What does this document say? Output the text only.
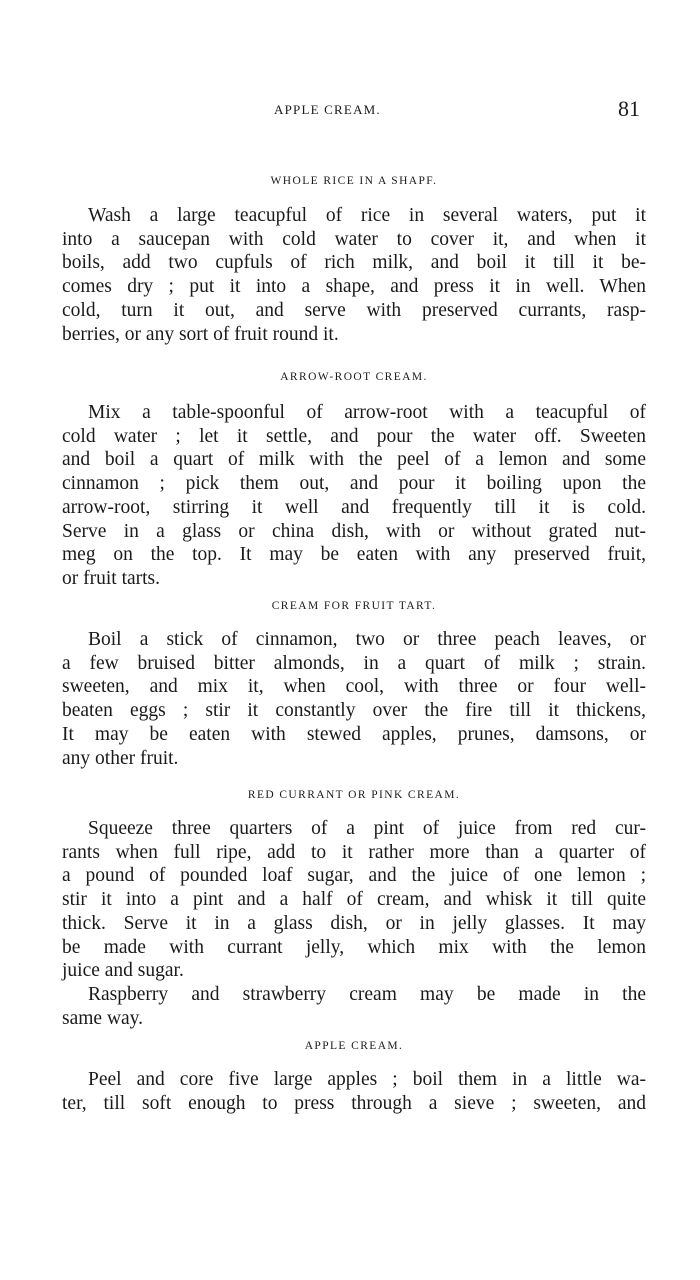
APPLE CREAM.	81
WHOLE RICE IN A SHAPF.

Wash a large teacupful of rice in several waters, put it
into a saucepan with cold water to cover it, and when it
boils, add two cupfuls of rich milk, and boil it till it be-
comes dry ; put it into a shape, and press it in well. When
cold, turn it out, and serve with preserved currants, rasp-
berries, or any sort of fruit round it.

ARROW-ROOT CREAM.

Mix a table-spoonful of arrow-root with a teacupful of
cold water ; let it settle, and pour the water off. Sweeten
and boil a quart of milk with the peel of a lemon and some
cinnamon ; pick them out, and pour it boiling upon the
arrow-root, stirring it well and frequently till it is cold.
Serve in a glass or china dish, with or without grated nut-
meg on the top. It may be eaten with any preserved fruit,
or fruit tarts.

CREAM FOR FRUIT TART.

Boil a stick of cinnamon, two or three peach leaves, or
a few bruised bitter almonds, in a quart of milk ; strain.
sweeten, and mix it, when cool, with three or four well-
beaten eggs ; stir it constantly over the fire till it thickens,
It may be eaten with stewed apples, prunes, damsons, or
any other fruit.

RED CURRANT OR PINK CREAM.

Squeeze three quarters of a pint of juice from red cur-
rants when full ripe, add to it rather more than a quarter of
a pound of pounded loaf sugar, and the juice of one lemon ;
stir it into a pint and a half of cream, and whisk it till quite
thick. Serve it in a glass dish, or in jelly glasses. It may
be made with currant jelly, which mix with the lemon
juice and sugar.
Raspberry and strawberry cream may be made in the
same way.

APPLE CREAM.

Peel and core five large apples ; boil them in a little wa-
ter, till soft enough to press through a sieve ; sweeten, and
